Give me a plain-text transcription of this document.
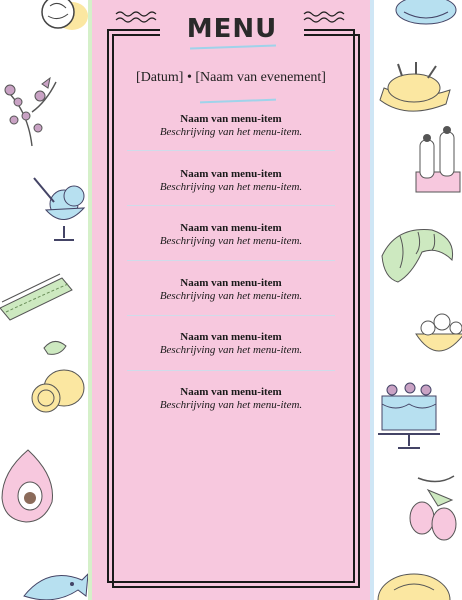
MENU
[Datum] • [Naam van evenement]
Naam van menu-item
Beschrijving van het menu-item.
Naam van menu-item
Beschrijving van het menu-item.
Naam van menu-item
Beschrijving van het menu-item.
Naam van menu-item
Beschrijving van het menu-item.
Naam van menu-item
Beschrijving van het menu-item.
Naam van menu-item
Beschrijving van het menu-item.
